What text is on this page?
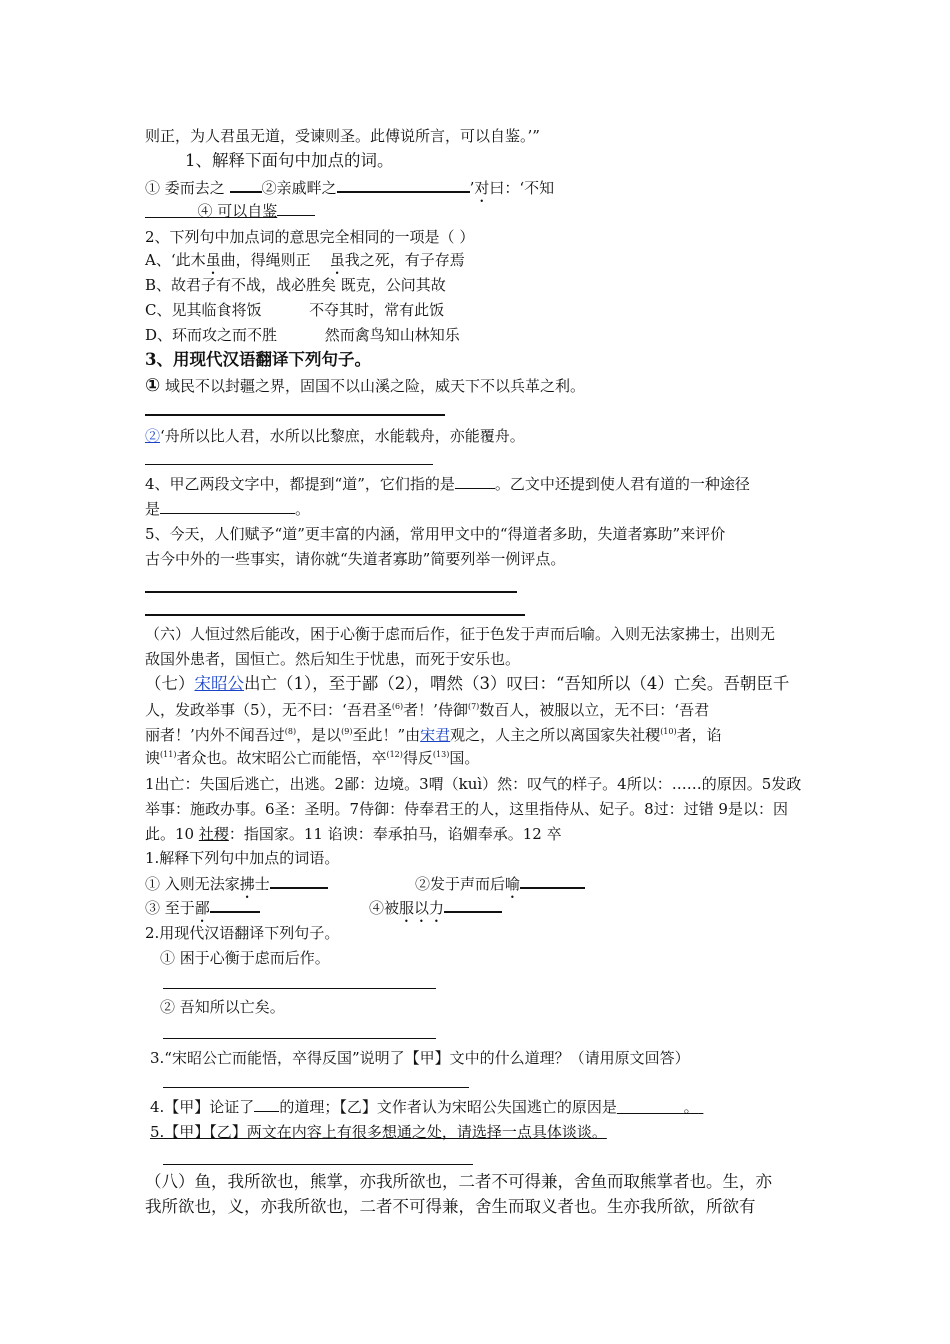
则正，为人君虽无道，受谏则圣。此傅说所言，可以自鉴。’”
1、解释下面句中加点的词。
① 委而去之 ②亲戚畔之	’对曰：‘不知
④ 可以自鉴
2、下列句中加点词的意思完全相同的一项是（ ）
A、‘此木虽曲，得绳则正 虽我之死，有子存焉
B、故君子有不战，战必胜矣 既克，公问其故
C、见其临食将饭	不夺其时，常有此饭
D、环而攻之而不胜	然而禽鸟知山林知乐
3、用现代汉语翻译下列句子。
① 域民不以封疆之界，固国不以山溪之险，威天下不以兵革之利。
②‘舟所以比人君，水所以比黎庶，水能载舟，亦能覆舟。
4、甲乙两段文字中，都提到“道”，它们指的是	。乙文中还提到使人君有道的一种途径
是	。
5、今天，人们赋予“道”更丰富的内涵，常用甲文中的“得道者多助，失道者寡助”来评价
古今中外的一些事实，请你就“失道者寡助”简要列举一例评点。
（六）人恒过然后能改，困于心衡于虑而后作，征于色发于声而后喻。入则无法家拂士，出则无
敌国外患者，国恒亡。然后知生于忧患，而死于安乐也。
（七）宋昭公出亡（1），至于鄙（2），喟然（3）叹曰：“吾知所以（4）亡矣。吾朝臣千
人，发政举事（5），无不曰：‘吾君圣$^{(6)}$者！’侍御$^{(7)}$数百人，被服以立，无不曰：‘吾君
丽者！’内外不闻吾过$^{(8)}$，是以$^{(9)}$至此！”由宋君观之，人主之所以离国家失社稷$^{(10)}$者，谄
谀$^{(11)}$者众也。故宋昭公亡而能悟，卒$^{(12)}$得反$^{(13)}$国。
1出亡：失国后逃亡，出逃。2鄙：边境。3喟（kuì）然：叹气的样子。4所以：……的原因。5发政
举事：施政办事。6圣：圣明。7侍御：侍奉君王的人，这里指侍从、妃子。8过：过错 9是以：因
此。10 社稷：指国家。11 谄谀：奉承拍马，谄媚奉承。12 卒
1.解释下列句中加点的词语。
① 入则无法家拂士	②发于声而后喻
③ 至于鄙	④被服以力
2.用现代汉语翻译下列句子。
① 困于心衡于虑而后作。
② 吾知所以亡矣。
3.“宋昭公亡而能悟，卒得反国”说明了【甲】文中的什么道理？（请用原文回答）
4.【甲】论证了 的道理；【乙】文作者认为宋昭公失国逃亡的原因是	。
5.【甲】【乙】两文在内容上有很多想通之处，请选择一点具体谈谈。
（八）鱼，我所欲也，熊掌，亦我所欲也，二者不可得兼，舍鱼而取熊掌者也。生，亦
我所欲也，义，亦我所欲也，二者不可得兼，舍生而取义者也。生亦我所欲，所欲有
